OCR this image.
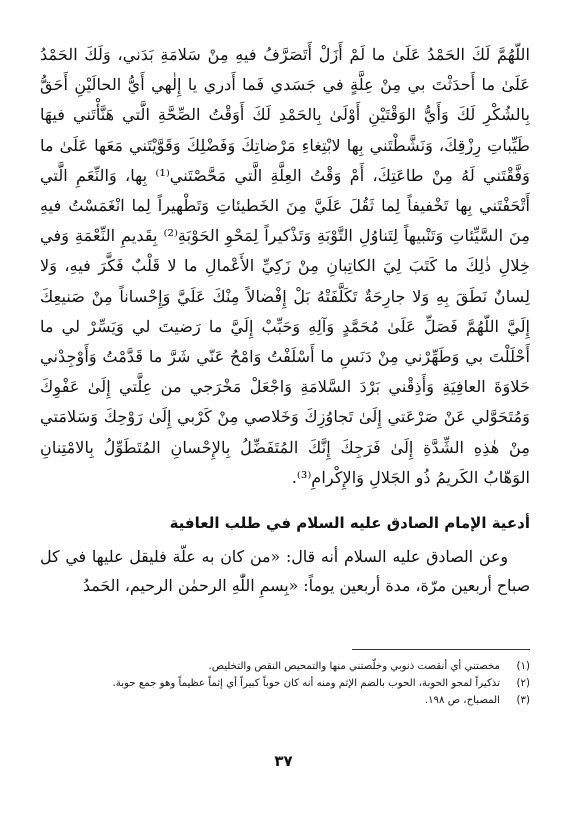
اللّهُمَّ لَكَ الحَمْدُ عَلَىٰ ما لَمْ أَزَلْ أَتَصَرَّفُ فيهِ مِنْ سَلامَةِ بَدَني، وَلَكَ الحَمْدُ عَلَىٰ ما أَحدَثْتَ بي مِنْ عِلَّةٍ في جَسَدي فَما أَدري يا إِلٰهي أَيُّ الحالَيْنِ أَحَقُّ بِالشُكْرِ لَكَ وَأَيُّ الوَقْتَيْنِ أَوْلَىٰ بِالحَمْدِ لَكَ أَوَقْتُ الصِّحَّةِ الَّتي هَنَّأْتَني فيهَا طَيِّباتِ رِزْقِكَ، وَنَشَّطْتَني بِها لابْتِغاءِ مَرْضاتِكَ وَفَضْلِكَ وَقَوَّيْتَني مَعَها عَلَىٰ ما وَفَّقْتَني لَهُ مِنْ طاعَتِكَ، أَمْ وَقْتُ العِلَّةِ الَّتي مَحَّصْتَني⁽¹⁾ بِها، وَالنِّعَمِ الَّتي أَتْحَفْتَني بِها تَخْفيفاً لِما ثَقُلَ عَلَيَّ مِنَ الخَطيئاتِ وَتَطْهيراً لِما انْغَمَسْتُ فيهِ مِنَ السَّيِّئاتِ وَتَنْبيهاً لِتَناوُلِ التَّوْبَةِ وَتَذْكيراً لِمَحْوِ الحَوْبَةِ⁽²⁾ بِقَديمِ النِّعْمَةِ وَفي خِلالِ ذٰلِكَ ما كَتَبَ لِيَ الكاتِبانِ مِنْ زَكِيِّ الأَعْمالِ ما لا قَلْبٌ فَكَّرَ فيهِ، وَلا لِسانٌ نَطَقَ بِهِ وَلا جارِحَةٌ تَكَلَّفَتْهُ بَلْ إِفْضالاً مِنْكَ عَلَيَّ وَإِحْساناً مِنْ صَنيعِكَ إِلَيَّ اللّهُمَّ فَصَلِّ عَلَىٰ مُحَمَّدٍ وَآلِهِ وَحَبِّبْ إِلَيَّ ما رَضيتَ لي وَيَسِّرْ لي ما أَحْلَلْتَ بي وَطَهِّرْني مِنْ دَنَسِ ما أَسْلَفْتُ وَامْحُ عَنّي شَرَّ ما قَدَّمْتُ وَأَوْجِدْني حَلاوَةَ العافِيَةِ وَأَذِقْني بَرْدَ السَّلامَةِ وَاجْعَلْ مَخْرَجي من عِلَّتي إِلَىٰ عَفْوِكَ وَمُتَحَوَّلي عَنْ صَرْعَتي إِلَىٰ تَجاوُزِكَ وَخَلاصي مِنْ كَرْبي إِلَىٰ رَوْحِكَ وَسَلامَتي مِنْ هٰذِهِ الشِّدَّةِ إِلَىٰ فَرَجِكَ إِنَّكَ المُتَفَضِّلُ بِالإِحْسانِ المُتَطَوِّلُ بِالامْتِنانِ الوَهّابُ الكَريمُ ذُو الجَلالِ وَالإِكْرامِ⁽³⁾.

أدعية الإمام الصادق عليه السلام في طلب العافية

وعن الصادق عليه السلام أنه قال: «من كان به علّة فليقل عليها في كل صباح أربعين مرّة، مدة أربعين يوماً: «بِسمِ اللّٰهِ الرحمٰن الرحيم، الحَمدُ

(١)
مخصتني أي أنقصت ذنوبي وخلّصتني منها والتمحيص النقص والتخليص.
(٢)
تذكيراً لمحو الحوبة، الحوب بالضم الإثم ومنه أنه كان حوباً كبيراً أي إثماً عظيماً وهو جمع حوبة.
(٣)
المصباح، ص ١٩٨.
٣٧
